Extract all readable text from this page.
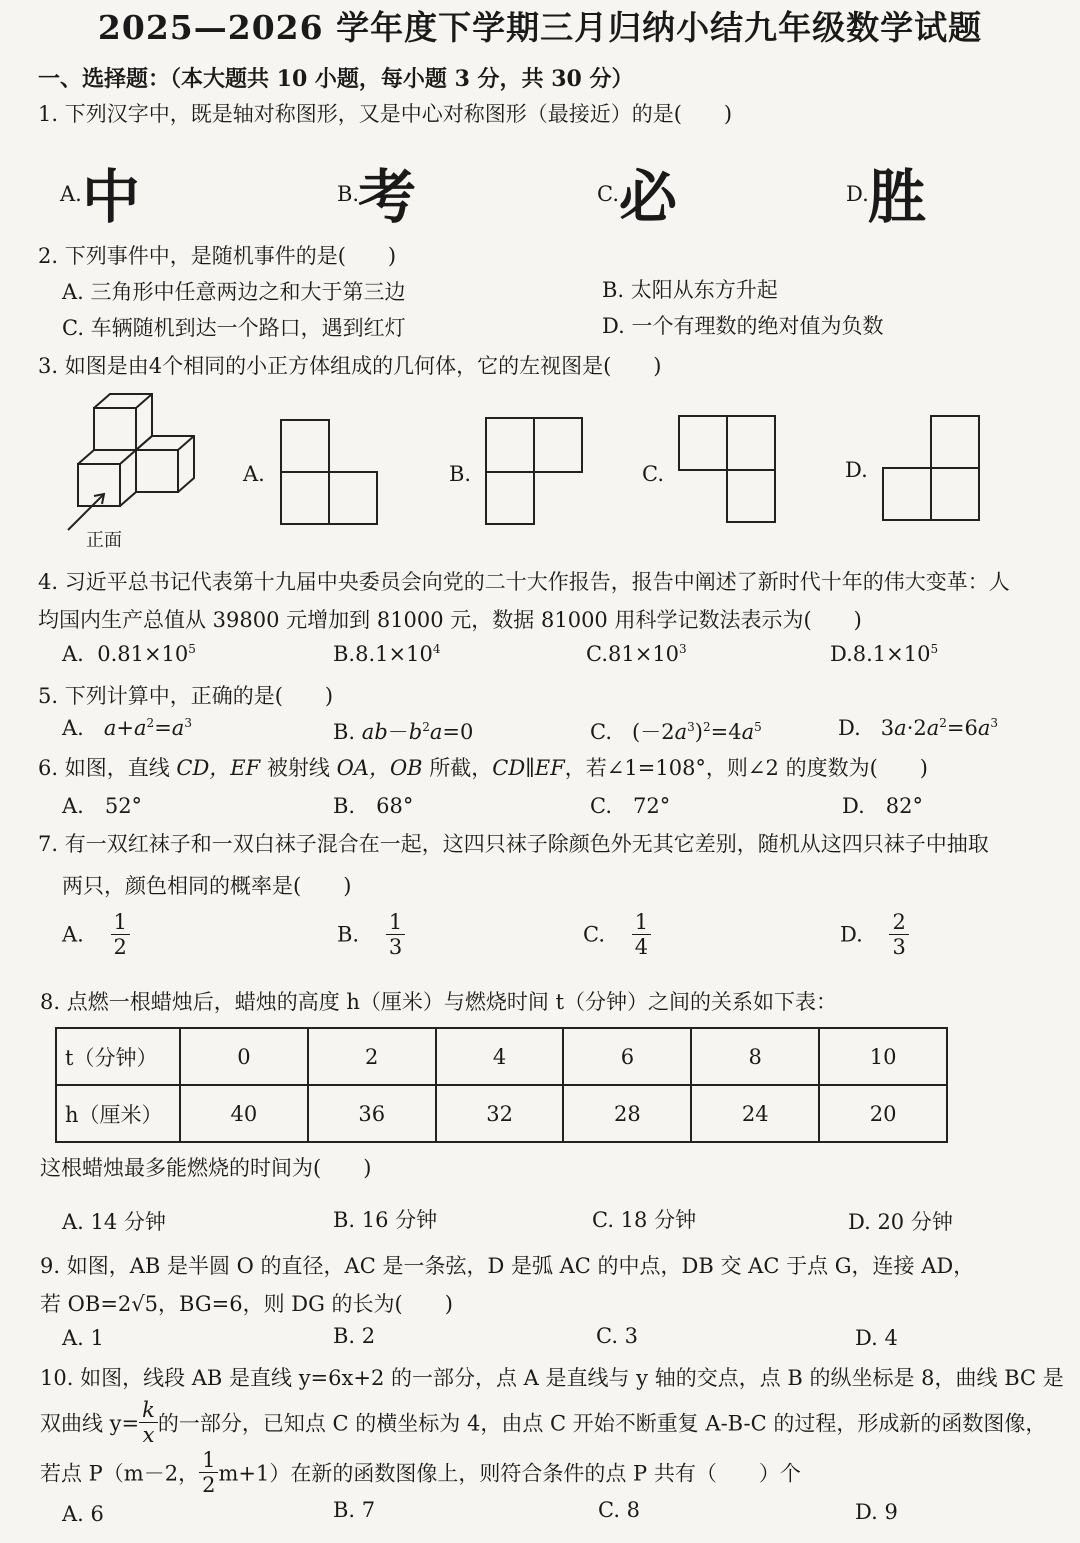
2025—2026 学年度下学期三月归纳小结九年级数学试题
一、选择题：（本大题共 10 小题，每小题 3 分，共 30 分）
1. 下列汉字中，既是轴对称图形，又是中心对称图形（最接近）的是(　　)
A. 中	B.
考	C. 必	D. 胜
2. 下列事件中，是随机事件的是(　　)
A. 三角形中任意两边之和大于第三边	B. 太阳从东方升起
C. 车辆随机到达一个路口，遇到红灯	D. 一个有理数的绝对值为负数
3. 如图是由4个相同的小正方体组成的几何体，它的左视图是(　　)
正面
A.	B.	C.	D.
4. 习近平总书记代表第十九届中央委员会向党的二十大作报告，报告中阐述了新时代十年的伟大变革：人
均国内生产总值从 39800 元增加到 81000 元，数据 81000 用科学记数法表示为(　　)
A. $0.81\times 10^5$	$B.8.1\times 10^4$	$C.81\times 10^3$	$D.8.1\times 10^5$
5. 下列计算中，正确的是(　　)
A. $a+a^2=a^3$	B. $ab-b^2a=0$	C.   $(-2a^3)^2=4a^5$	D.   $3a\cdot 2a^2=6a^3$
6. 如图，直线 CD，EF 被射线 OA，OB 所截，CD∥EF，若∠1=108°，则∠2 的度数为(　　)
A.　52°	B.　68°	C.　72°	D.　82°
7. 有一双红袜子和一双白袜子混合在一起，这四只袜子除颜色外无其它差别，随机从这四只袜子中抽取
两只，颜色相同的概率是(　　)
A. $\frac{1}{2}$	B. $\frac{1}{3}$	C. $\frac{1}{4}$	D. $\frac{2}{3}$
8. 点燃一根蜡烛后，蜡烛的高度 h（厘米）与燃烧时间 t（分钟）之间的关系如下表：
t（分钟）	0	2	4	6	8	10
h（厘米）	40	36	32	28	24	20
这根蜡烛最多能燃烧的时间为(　　)
A. 14 分钟	B. 16 分钟	C. 18 分钟	D. 20 分钟
9. 如图，AB 是半圆 O 的直径，AC 是一条弦，D 是弧 AC 的中点，DB 交 AC 于点 G，连接 AD，
若 OB=2√5，BG=6，则 DG 的长为(　　)
A. 1	B. 2	C. 3	D. 4
10. 如图，线段 AB 是直线 y=6x+2 的一部分，点 A 是直线与 y 轴的交点，点 B 的纵坐标是 8，曲线 BC 是
双曲线 $y= \frac{k}{x}$ 的一部分，已知点 C 的横坐标为 4，由点 C 开始不断重复 A-B-C 的过程，形成新的函数图像，
若点 P（m－2， $\frac{1}{2} m+1$）在新的函数图像上，则符合条件的点 P 共有（　　）个
A. 6	B. 7	C. 8	D. 9
